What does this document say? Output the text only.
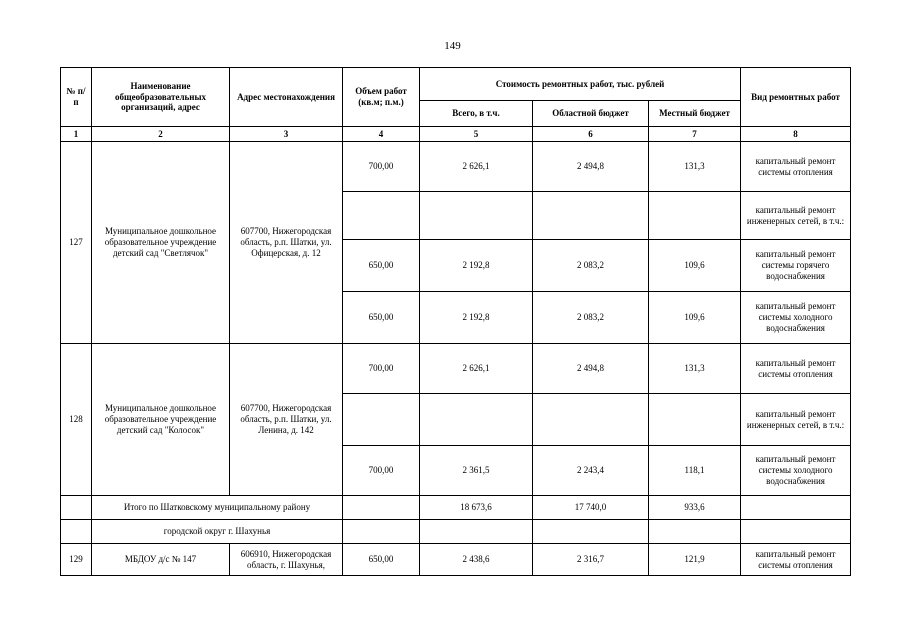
149
№ п/п	Наименование общеобразовательных организаций, адрес	Адрес местонахождения	Объем работ (кв.м; п.м.)	Стоимость ремонтных работ, тыс. рублей			Вид ремонтных работ
				Всего, в т.ч.	Областной бюджет	Местный бюджет	
1	2	3	4	5	6	7	8
127	Муниципальное дошкольное образовательное учреждение детский сад "Светлячок"	607700, Нижегородская область, р.п. Шатки, ул. Офицерская, д. 12	700,00	2 626,1	2 494,8	131,3	капитальный ремонт системы отопления
							капитальный ремонт инженерных сетей, в т.ч.:
			650,00	2 192,8	2 083,2	109,6	капитальный ремонт системы горячего водоснабжения
			650,00	2 192,8	2 083,2	109,6	капитальный ремонт системы холодного водоснабжения
128	Муниципальное дошкольное образовательное учреждение детский сад "Колосок"	607700, Нижегородская область, р.п. Шатки, ул. Ленина, д. 142	700,00	2 626,1	2 494,8	131,3	капитальный ремонт системы отопления
							капитальный ремонт инженерных сетей, в т.ч.:
			700,00	2 361,5	2 243,4	118,1	капитальный ремонт системы холодного водоснабжения
	Итого по Шатковскому муниципальному району			18 673,6	17 740,0	933,6	
	городской округ г. Шахунья						
129	МБДОУ д/с № 147	606910, Нижегородская область, г. Шахунья,	650,00	2 438,6	2 316,7	121,9	капитальный ремонт системы отопления
